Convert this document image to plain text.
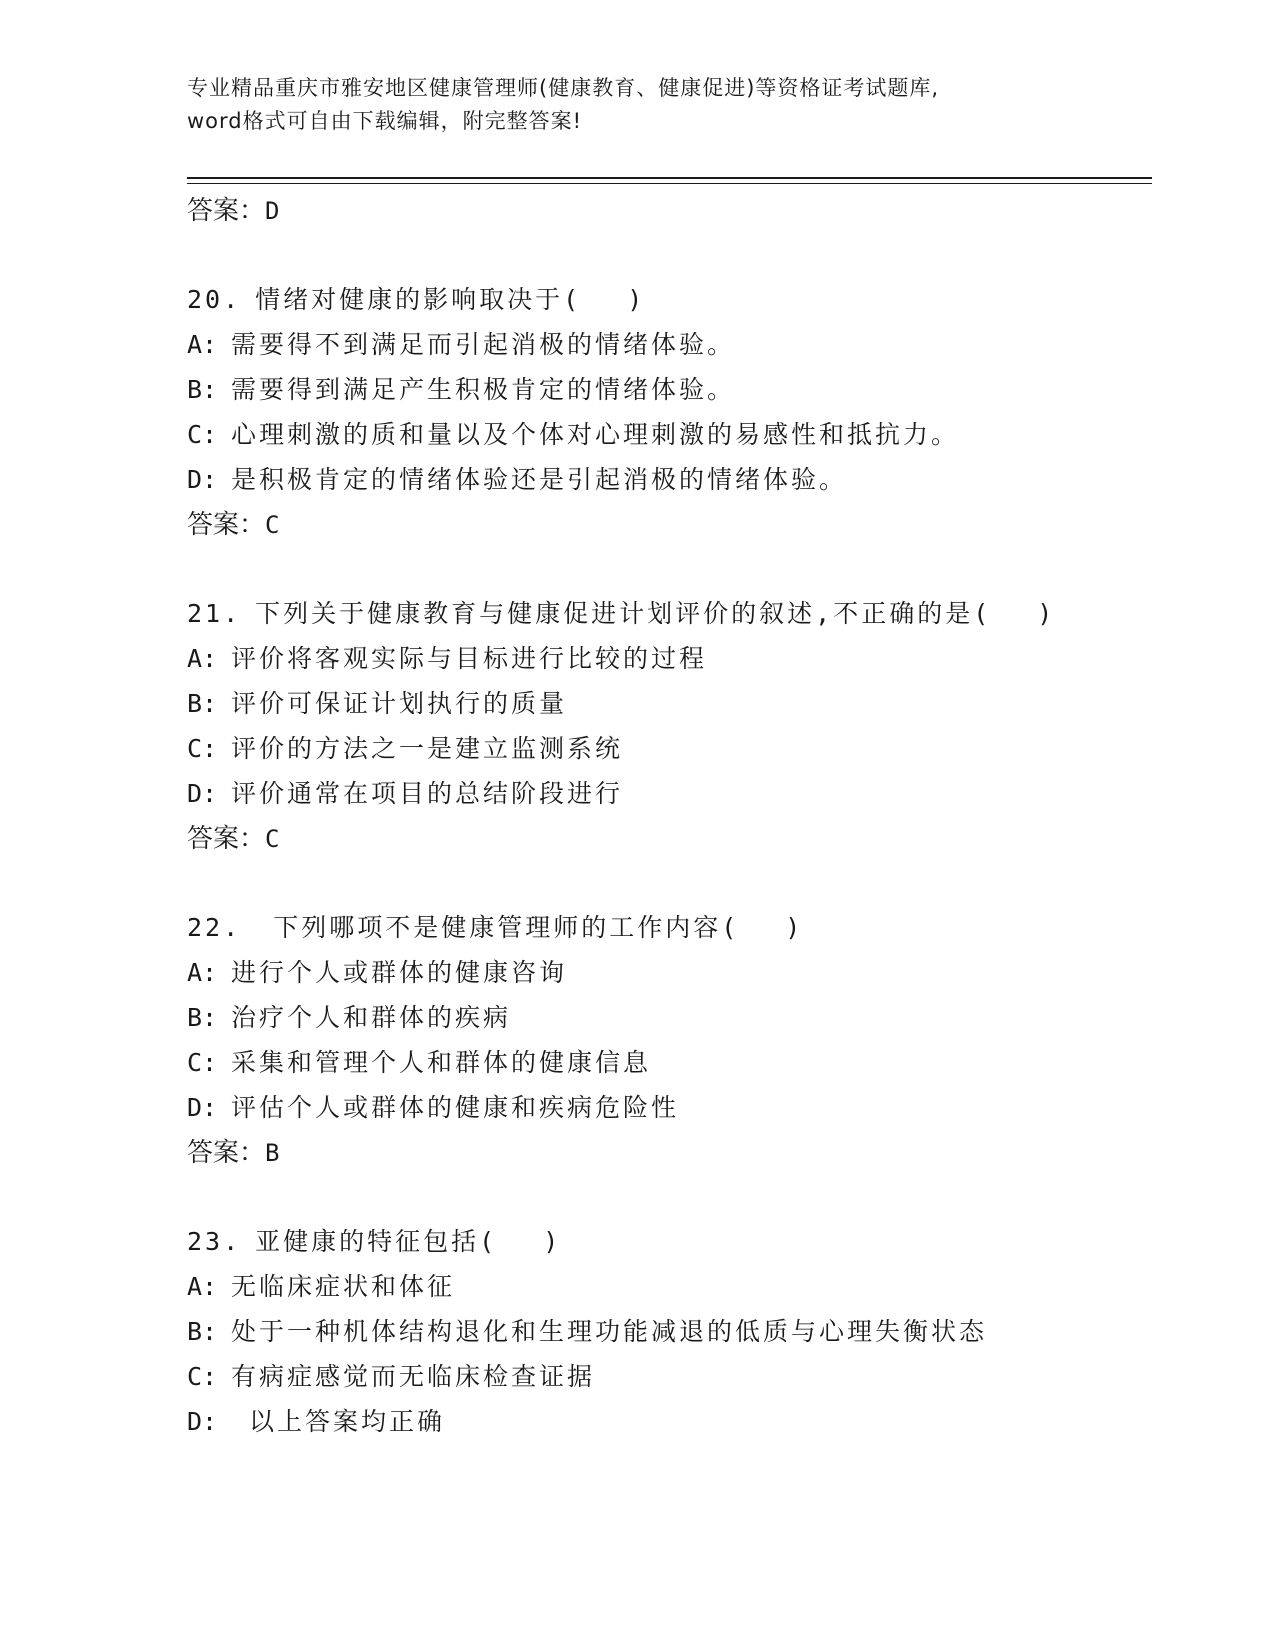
专业精品重庆市雅安地区健康管理师(健康教育、健康促进)等资格证考试题库,
word格式可自由下载编辑，附完整答案!
答案：D
20. 情绪对健康的影响取决于( )
A: 需要得不到满足而引起消极的情绪体验。
B: 需要得到满足产生积极肯定的情绪体验。
C: 心理刺激的质和量以及个体对心理刺激的易感性和抵抗力。
D: 是积极肯定的情绪体验还是引起消极的情绪体验。
答案：C
21. 下列关于健康教育与健康促进计划评价的叙述,不正确的是( )
A: 评价将客观实际与目标进行比较的过程
B: 评价可保证计划执行的质量
C: 评价的方法之一是建立监测系统
D: 评价通常在项目的总结阶段进行
答案：C
22. 下列哪项不是健康管理师的工作内容( )
A: 进行个人或群体的健康咨询
B: 治疗个人和群体的疾病
C: 采集和管理个人和群体的健康信息
D: 评估个人或群体的健康和疾病危险性
答案：B
23. 亚健康的特征包括( )
A: 无临床症状和体征
B: 处于一种机体结构退化和生理功能减退的低质与心理失衡状态
C: 有病症感觉而无临床检查证据
D: 以上答案均正确
